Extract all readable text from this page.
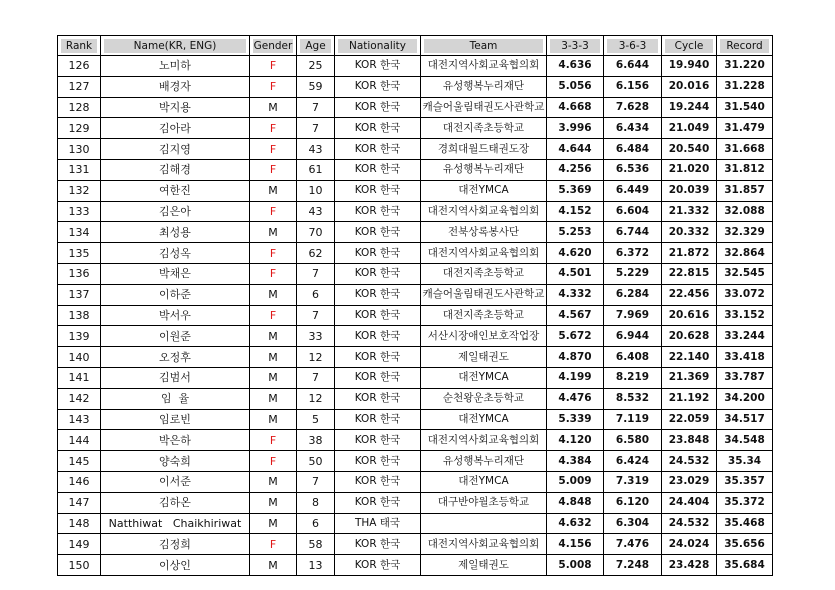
Rank	Name(KR, ENG)	Gender	Age	Nationality	Team	3-3-3	3-6-3	Cycle	Record

126	노미하	F	25	KOR 한국	대전지역사회교육협의회	4.636	6.644	19.940	31.220
127	배경자	F	59	KOR 한국	유성행복누리재단	5.056	6.156	20.016	31.228
128	박지용	M	7	KOR 한국	캐슬어울림태권도사관학교	4.668	7.628	19.244	31.540
129	김아라	F	7	KOR 한국	대전지족초등학교	3.996	6.434	21.049	31.479
130	김지영	F	43	KOR 한국	경희대월드태권도장	4.644	6.484	20.540	31.668
131	김해경	F	61	KOR 한국	유성행복누리재단	4.256	6.536	21.020	31.812
132	여한진	M	10	KOR 한국	대전YMCA	5.369	6.449	20.039	31.857
133	김은아	F	43	KOR 한국	대전지역사회교육협의회	4.152	6.604	21.332	32.088
134	최성용	M	70	KOR 한국	전북상록봉사단	5.253	6.744	20.332	32.329
135	김성옥	F	62	KOR 한국	대전지역사회교육협의회	4.620	6.372	21.872	32.864
136	박채은	F	7	KOR 한국	대전지족초등학교	4.501	5.229	22.815	32.545
137	이하준	M	6	KOR 한국	캐슬어울림태권도사관학교	4.332	6.284	22.456	33.072
138	박서우	F	7	KOR 한국	대전지족초등학교	4.567	7.969	20.616	33.152
139	이원준	M	33	KOR 한국	서산시장애인보호작업장	5.672	6.944	20.628	33.244
140	오정후	M	12	KOR 한국	제일태권도	4.870	6.408	22.140	33.418
141	김범서	M	7	KOR 한국	대전YMCA	4.199	8.219	21.369	33.787
142	임  율	M	12	KOR 한국	순천왕운초등학교	4.476	8.532	21.192	34.200
143	임로빈	M	5	KOR 한국	대전YMCA	5.339	7.119	22.059	34.517
144	박은하	F	38	KOR 한국	대전지역사회교육협의회	4.120	6.580	23.848	34.548
145	양숙희	F	50	KOR 한국	유성행복누리재단	4.384	6.424	24.532	35.34
146	이서준	M	7	KOR 한국	대전YMCA	5.009	7.319	23.029	35.357
147	김하온	M	8	KOR 한국	대구반야월초등학교	4.848	6.120	24.404	35.372
148	Natthiwat   Chaikhiriwat	M	6	THA 태국		4.632	6.304	24.532	35.468
149	김정희	F	58	KOR 한국	대전지역사회교육협의회	4.156	7.476	24.024	35.656
150	이상인	M	13	KOR 한국	제일태권도	5.008	7.248	23.428	35.684
